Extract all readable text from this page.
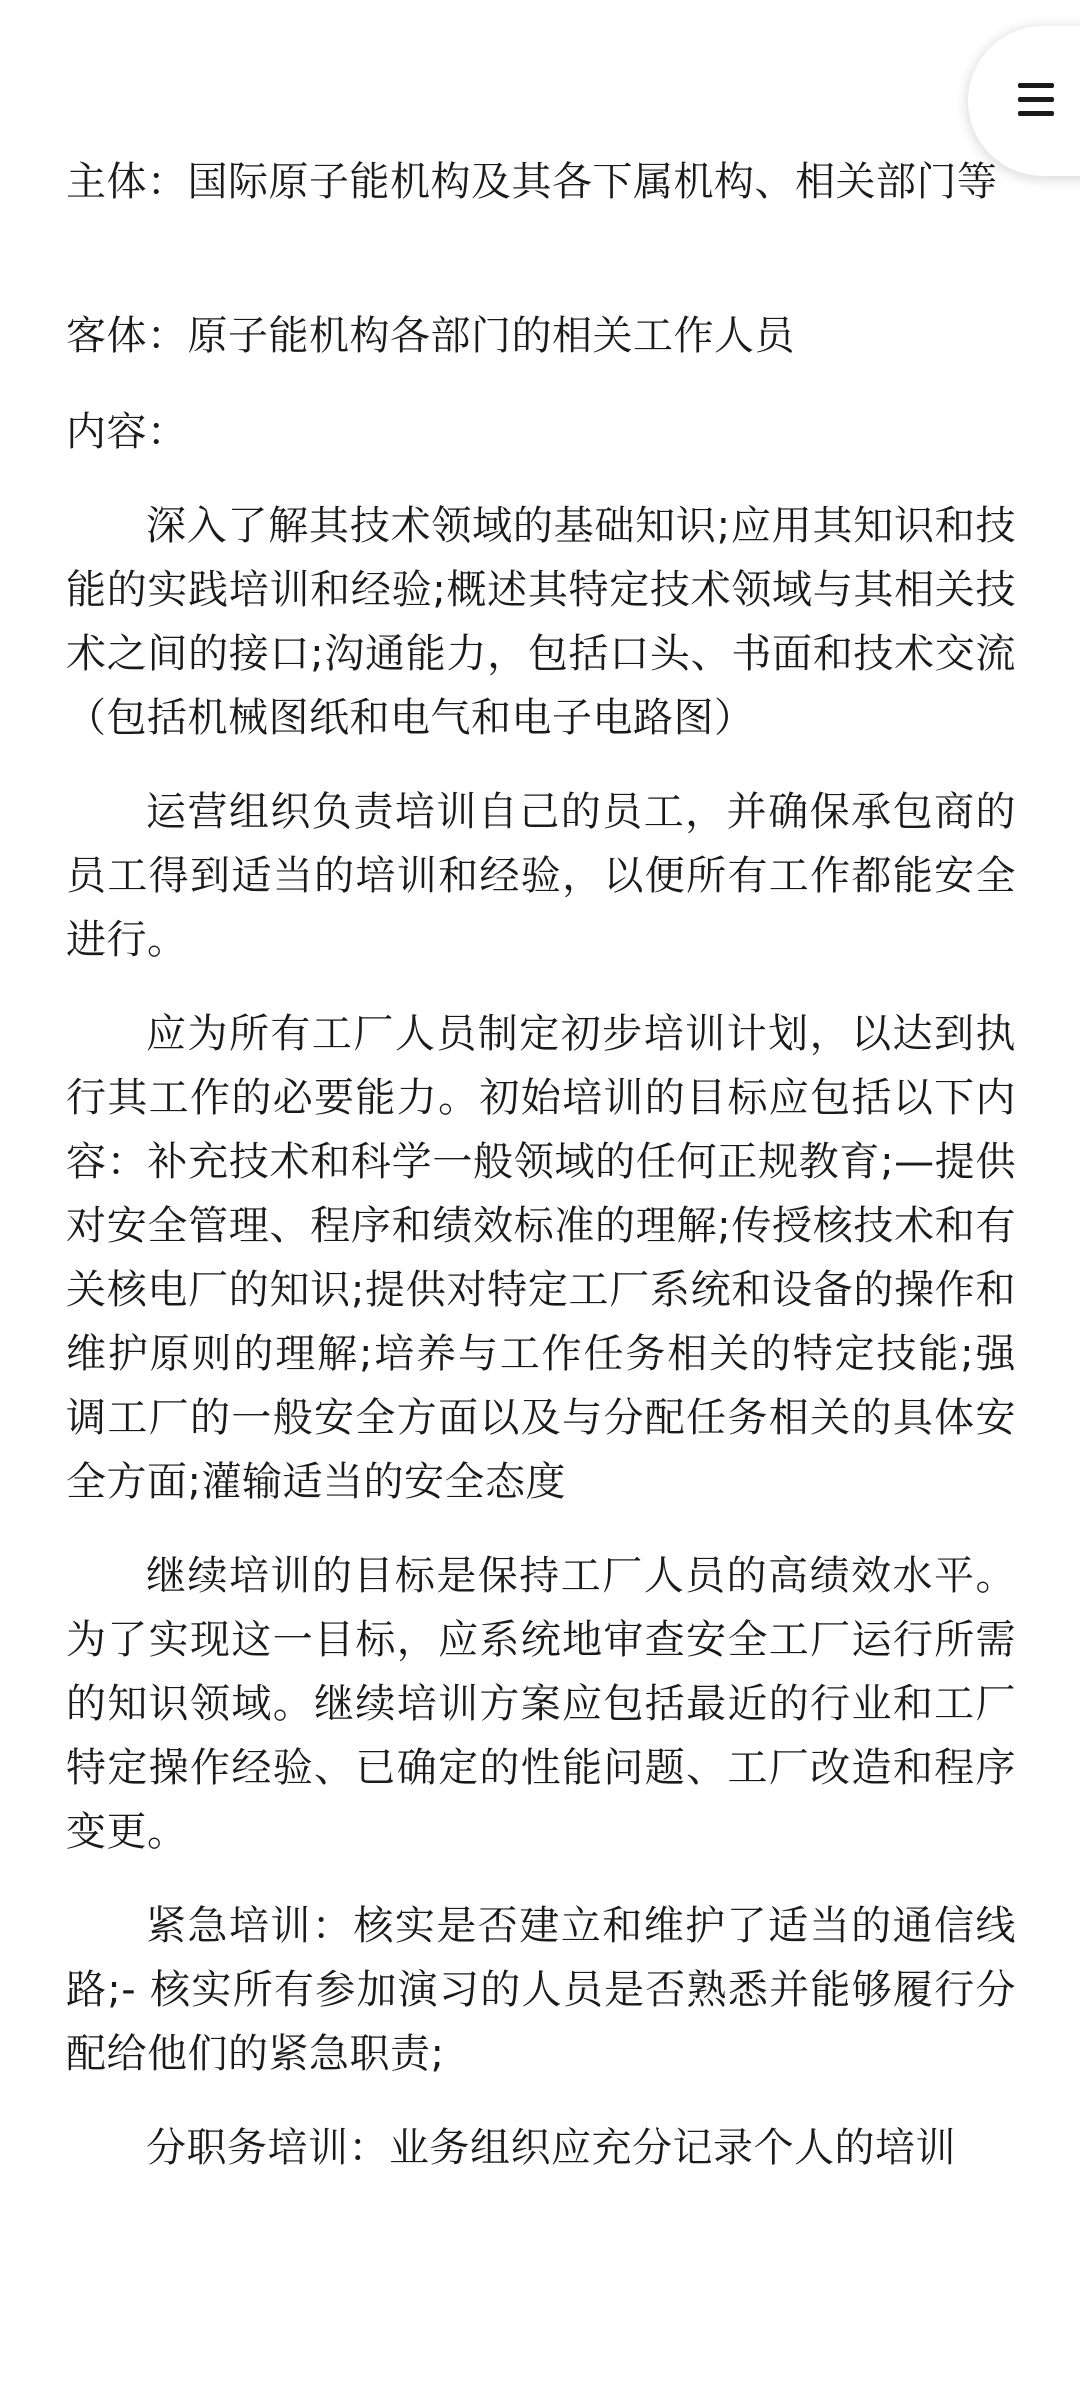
主体：国际原子能机构及其各下属机构、相关部门等

客体：原子能机构各部门的相关工作人员

内容：

深入了解其技术领域的基础知识;应用其知识和技能的实践培训和经验;概述其特定技术领域与其相关技术之间的接口;沟通能力，包括口头、书面和技术交流（包括机械图纸和电气和电子电路图）

运营组织负责培训自己的员工，并确保承包商的员工得到适当的培训和经验，以便所有工作都能安全进行。

应为所有工厂人员制定初步培训计划，以达到执行其工作的必要能力。初始培训的目标应包括以下内容：补充技术和科学一般领域的任何正规教育;—提供对安全管理、程序和绩效标准的理解;传授核技术和有关核电厂的知识;提供对特定工厂系统和设备的操作和维护原则的理解;培养与工作任务相关的特定技能;强调工厂的一般安全方面以及与分配任务相关的具体安全方面;灌输适当的安全态度

继续培训的目标是保持工厂人员的高绩效水平。为了实现这一目标，应系统地审查安全工厂运行所需的知识领域。继续培训方案应包括最近的行业和工厂特定操作经验、已确定的性能问题、工厂改造和程序变更。

紧急培训：核实是否建立和维护了适当的通信线路;- 核实所有参加演习的人员是否熟悉并能够履行分配给他们的紧急职责;

分职务培训：业务组织应充分记录个人的培训
